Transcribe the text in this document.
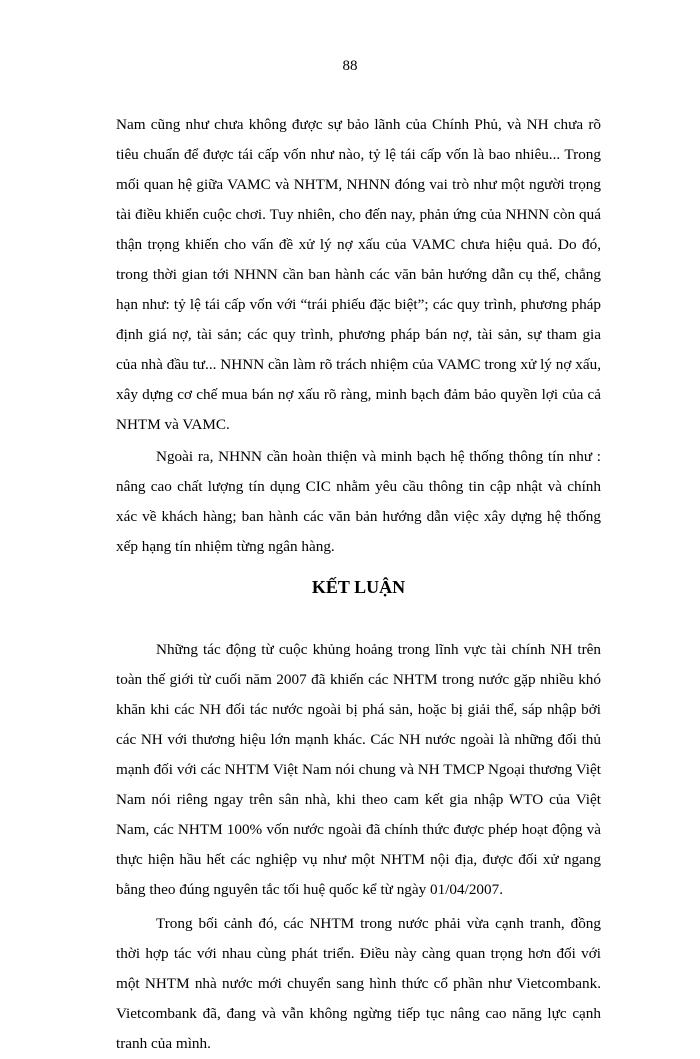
88

Nam cũng như chưa không được sự bảo lãnh của Chính Phủ, và NH chưa rõ tiêu chuẩn để được tái cấp vốn như nào, tỷ lệ tái cấp vốn là bao nhiêu... Trong mối quan hệ giữa VAMC và NHTM, NHNN đóng vai trò như một người trọng tài điều khiển cuộc chơi. Tuy nhiên, cho đến nay, phản ứng của NHNN còn quá thận trọng khiến cho vấn đề xử lý nợ xấu của VAMC chưa hiệu quả. Do đó, trong thời gian tới NHNN cần ban hành các văn bản hướng dẫn cụ thể, chẳng hạn như: tỷ lệ tái cấp vốn với “trái phiếu đặc biệt”; các quy trình, phương pháp định giá nợ, tài sản; các quy trình, phương pháp bán nợ, tài sản, sự tham gia của nhà đầu tư... NHNN cần làm rõ trách nhiệm của VAMC trong xử lý nợ xấu, xây dựng cơ chế mua bán nợ xấu rõ ràng, minh bạch đảm bảo quyền lợi của cả NHTM và VAMC.

Ngoài ra, NHNN cần hoàn thiện và minh bạch hệ thống thông tín như : nâng cao chất lượng tín dụng CIC nhằm yêu cầu thông tin cập nhật và chính xác về khách hàng; ban hành các văn bản hướng dẫn việc xây dựng hệ thống xếp hạng tín nhiệm từng ngân hàng.

KẾT LUẬN

Những tác động từ cuộc khủng hoảng trong lĩnh vực tài chính NH trên toàn thế giới từ cuối năm 2007 đã khiến các NHTM trong nước gặp nhiều khó khăn khi các NH đối tác nước ngoài bị phá sản, hoặc bị giải thể, sáp nhập bởi các NH với thương hiệu lớn mạnh khác. Các NH nước ngoài là những đối thủ mạnh đối với các NHTM Việt Nam nói chung và NH TMCP Ngoại thương Việt Nam nói riêng ngay trên sân nhà, khi theo cam kết gia nhập WTO của Việt Nam, các NHTM 100% vốn nước ngoài đã chính thức được phép hoạt động và thực hiện hầu hết các nghiệp vụ như một NHTM nội địa, được đối xử ngang bằng theo đúng nguyên tắc tối huệ quốc kể từ ngày 01/04/2007.

Trong bối cảnh đó, các NHTM trong nước phải vừa cạnh tranh, đồng thời hợp tác với nhau cùng phát triển. Điều này càng quan trọng hơn đối với một NHTM nhà nước mới chuyển sang hình thức cổ phần như Vietcombank. Vietcombank đã, đang và vẫn không ngừng tiếp tục nâng cao năng lực cạnh tranh của mình.
